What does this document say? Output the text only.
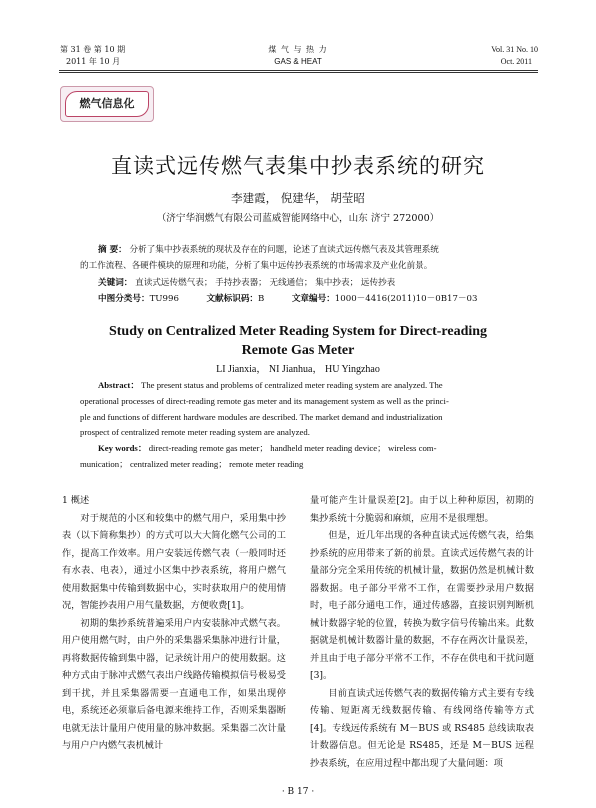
第 31 卷 第 10 期
2011 年 10 月
煤 气 与 热 力
GAS & HEAT
Vol. 31 No. 10
Oct. 2011
燃气信息化
直读式远传燃气表集中抄表系统的研究
李建霞， 倪建华， 胡莹昭
（济宁华润燃气有限公司蓝威智能网络中心，山东 济宁 272000）
摘 要： 分析了集中抄表系统的现状及存在的问题，论述了直读式远传燃气表及其管理系统
的工作流程、各硬件模块的原理和功能，分析了集中远传抄表系统的市场需求及产业化前景。
关键词： 直读式远传燃气表； 手持抄表器； 无线通信； 集中抄表； 远传抄表
中图分类号：TU996	文献标识码：B	文章编号：1000－4416(2011)10－0B17－03
Study on Centralized Meter Reading System for Direct-reading
Remote Gas Meter
LI Jianxia， NI Jianhua， HU Yingzhao
Abstract： The present status and problems of centralized meter reading system are analyzed. The
operational processes of direct-reading remote gas meter and its management system as well as the princi-
ple and functions of different hardware modules are described. The market demand and industrialization
prospect of centralized remote meter reading system are analyzed.
Key words： direct-reading remote gas meter； handheld meter reading device； wireless com-
munication； centralized meter reading； remote meter reading

1 概述

对于规范的小区和较集中的燃气用户，采用集中抄表（以下简称集抄）的方式可以大大简化燃气公司的工作，提高工作效率。用户安装远传燃气表（一般同时还有水表、电表），通过小区集中抄表系统，将用户燃气使用数据集中传输到数据中心，实时获取用户的使用情况，智能抄表用户用气量数据，方便收费[1]。

初期的集抄系统普遍采用户内安装脉冲式燃气表。用户使用燃气时，由户外的采集器采集脉冲进行计量，再将数据传输到集中器，记录统计用户的使用数据。这种方式由于脉冲式燃气表出户线路传输模拟信号极易受到干扰，并且采集器需要一直通电工作，如果出现停电，系统还必须靠后备电源来维持工作，否则采集器断电就无法计量用户使用量的脉冲数据。采集器二次计量与用户户内燃气表机械计

量可能产生计量误差[2]。由于以上种种原因，初期的集抄系统十分脆弱和麻烦，应用不是很理想。

但是，近几年出现的各种直读式远传燃气表，给集抄系统的应用带来了新的前景。直读式远传燃气表的计量部分完全采用传统的机械计量，数据仍然是机械计数器数据。电子部分平常不工作，在需要抄录用户数据时，电子部分通电工作，通过传感器，直接识别判断机械计数器字轮的位置，转换为数字信号传输出来。此数据就是机械计数器计量的数据，不存在两次计量误差，并且由于电子部分平常不工作，不存在供电和干扰问题[3]。

目前直读式远传燃气表的数据传输方式主要有专线传输、短距离无线数据传输、有线网络传输等方式[4]。专线远传系统有 M－BUS 或 RS485 总线读取表计数器信息。但无论是 RS485，还是 M－BUS 远程抄表系统，在应用过程中都出现了大量问题：项

· B 17 ·
